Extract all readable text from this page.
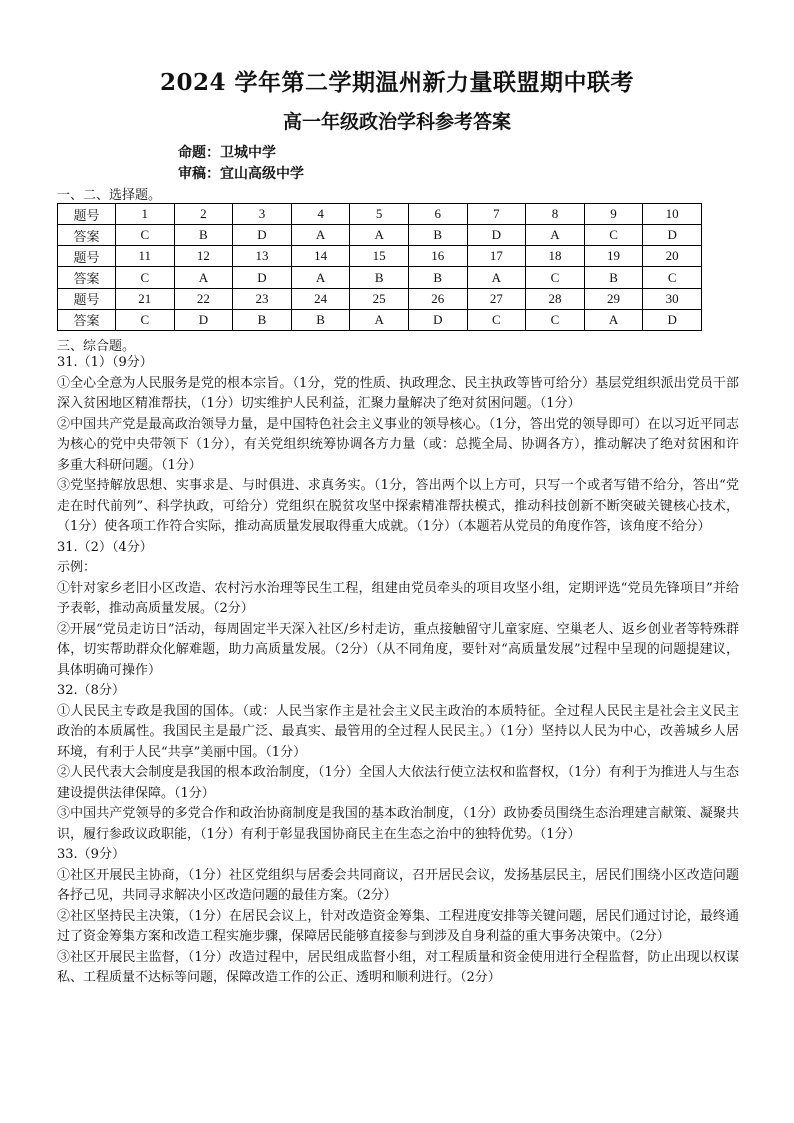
2024 学年第二学期温州新力量联盟期中联考
高一年级政治学科参考答案
命题：卫城中学
审稿：宜山高级中学
一、二、选择题。
题号	1	2	3	4	5	6	7	8	9	10
答案	C	B	D	A	A	B	D	A	C	D
题号	11	12	13	14	15	16	17	18	19	20
答案	C	A	D	A	B	B	A	C	B	C
题号	21	22	23	24	25	26	27	28	29	30
答案	C	D	B	B	A	D	C	C	A	D
三、综合题。

31.（1）（9分）

①全心全意为人民服务是党的根本宗旨。（1分，党的性质、执政理念、民主执政等皆可给分）基层党组织派出党员干部深入贫困地区精准帮扶，（1分）切实维护人民利益，汇聚力量解决了绝对贫困问题。（1分）

②中国共产党是最高政治领导力量，是中国特色社会主义事业的领导核心。（1分，答出党的领导即可）在以习近平同志为核心的党中央带领下（1分），有关党组织统筹协调各方力量（或：总揽全局、协调各方），推动解决了绝对贫困和许多重大科研问题。（1分）

③党坚持解放思想、实事求是、与时俱进、求真务实。（1分，答出两个以上方可，只写一个或者写错不给分，答出“党走在时代前列”、科学执政，可给分）党组织在脱贫攻坚中探索精准帮扶模式，推动科技创新不断突破关键核心技术，（1分）使各项工作符合实际，推动高质量发展取得重大成就。（1分）（本题若从党员的角度作答，该角度不给分）

31.（2）（4分）

示例：

①针对家乡老旧小区改造、农村污水治理等民生工程，组建由党员牵头的项目攻坚小组，定期评选“党员先锋项目”并给予表彰，推动高质量发展。（2分）

②开展“党员走访日”活动，每周固定半天深入社区/乡村走访，重点接触留守儿童家庭、空巢老人、返乡创业者等特殊群体，切实帮助群众化解难题，助力高质量发展。（2分）（从不同角度，要针对“高质量发展”过程中呈现的问题提建议，具体明确可操作）

32.（8分）

①人民民主专政是我国的国体。（或：人民当家作主是社会主义民主政治的本质特征。全过程人民民主是社会主义民主政治的本质属性。我国民主是最广泛、最真实、最管用的全过程人民民主。）（1分）坚持以人民为中心，改善城乡人居环境，有利于人民“共享”美丽中国。（1分）

②人民代表大会制度是我国的根本政治制度，（1分）全国人大依法行使立法权和监督权，（1分）有利于为推进人与生态建设提供法律保障。（1分）

③中国共产党领导的多党合作和政治协商制度是我国的基本政治制度，（1分）政协委员围绕生态治理建言献策、凝聚共识，履行参政议政职能，（1分）有利于彰显我国协商民主在生态之治中的独特优势。（1分）

33.（9分）

①社区开展民主协商，（1分）社区党组织与居委会共同商议，召开居民会议，发扬基层民主，居民们围绕小区改造问题各抒己见，共同寻求解决小区改造问题的最佳方案。（2分）

②社区坚持民主决策，（1分）在居民会议上，针对改造资金筹集、工程进度安排等关键问题，居民们通过讨论，最终通过了资金筹集方案和改造工程实施步骤，保障居民能够直接参与到涉及自身利益的重大事务决策中。（2分）

③社区开展民主监督，（1分）改造过程中，居民组成监督小组，对工程质量和资金使用进行全程监督，防止出现以权谋私、工程质量不达标等问题，保障改造工作的公正、透明和顺利进行。（2分）
